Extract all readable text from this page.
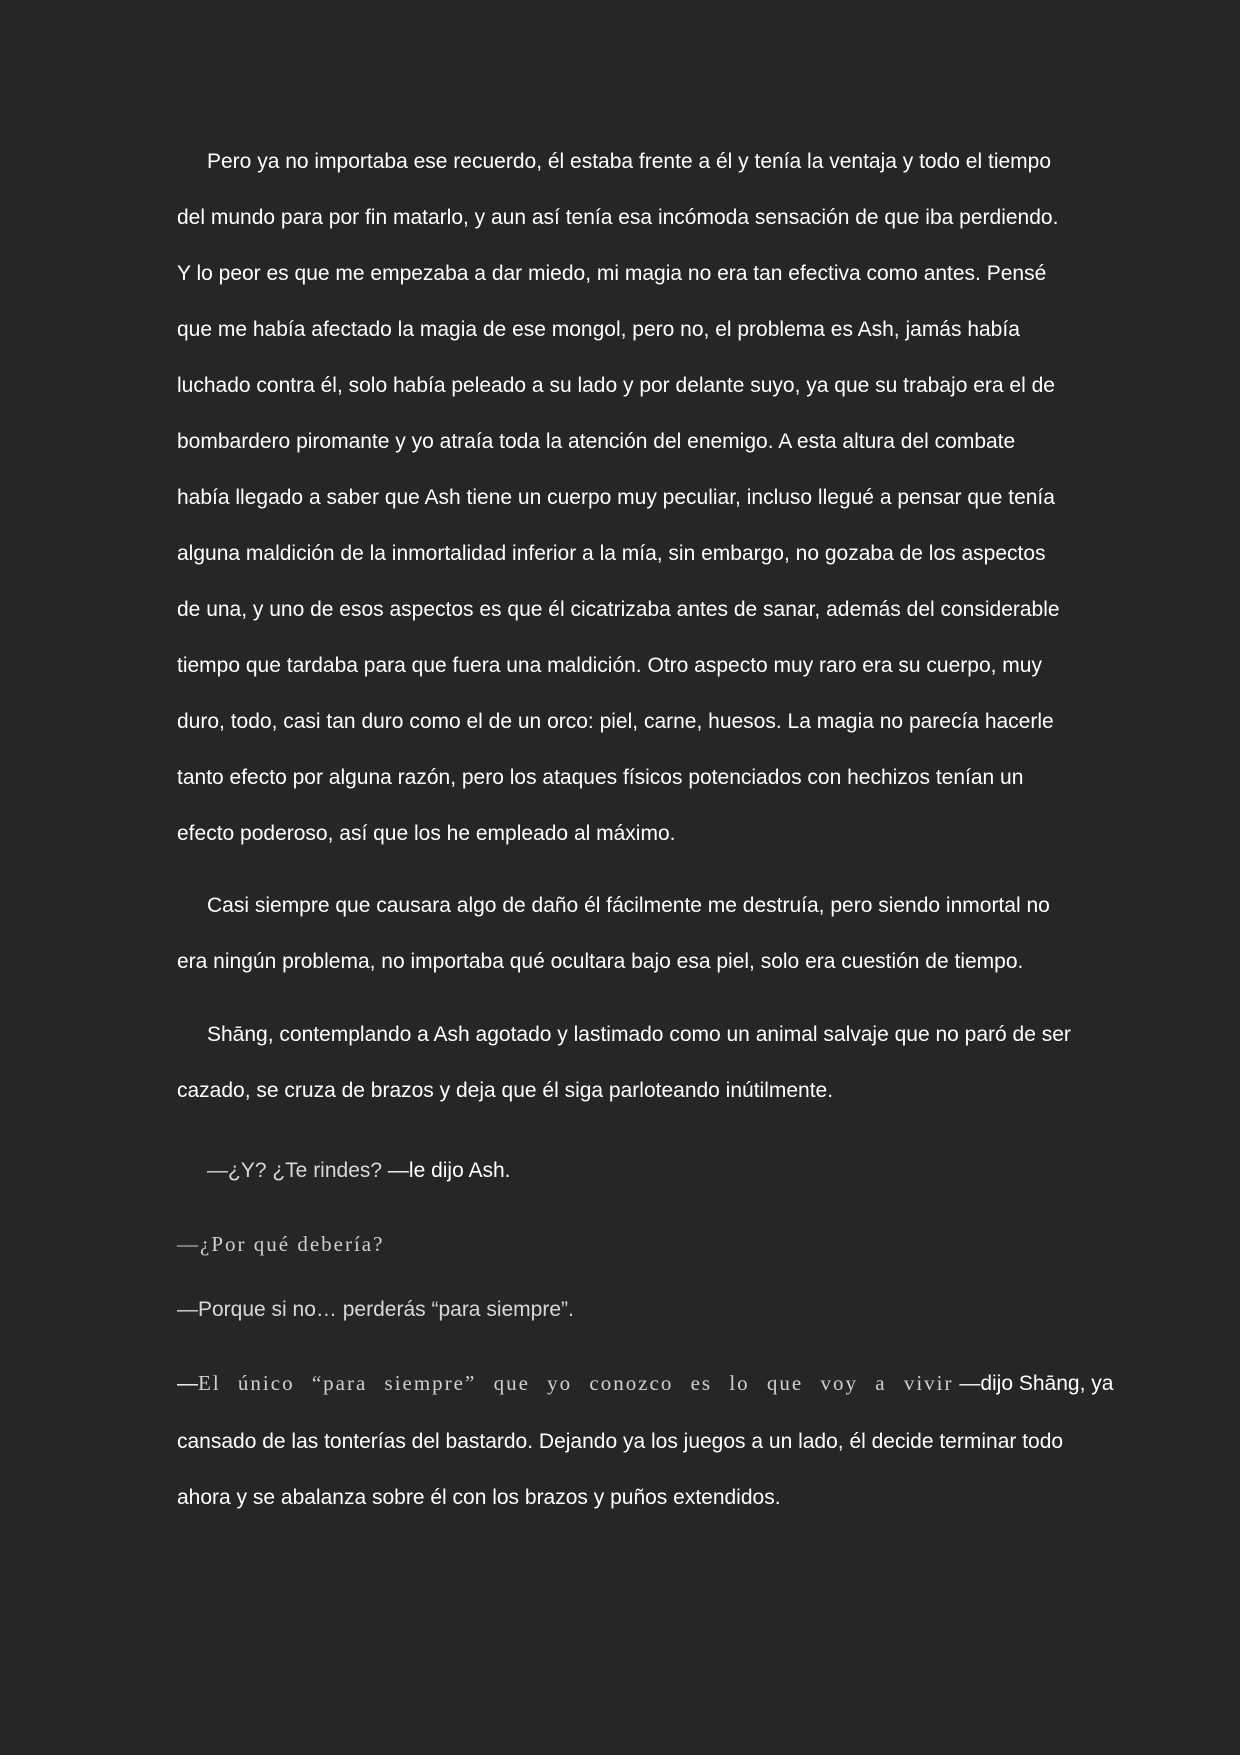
Pero ya no importaba ese recuerdo, él estaba frente a él y tenía la ventaja y todo el tiempo
del mundo para por fin matarlo, y aun así tenía esa incómoda sensación de que iba perdiendo.
Y lo peor es que me empezaba a dar miedo, mi magia no era tan efectiva como antes. Pensé
que me había afectado la magia de ese mongol, pero no, el problema es Ash, jamás había
luchado contra él, solo había peleado a su lado y por delante suyo, ya que su trabajo era el de
bombardero piromante y yo atraía toda la atención del enemigo. A esta altura del combate
había llegado a saber que Ash tiene un cuerpo muy peculiar, incluso llegué a pensar que tenía
alguna maldición de la inmortalidad inferior a la mía, sin embargo, no gozaba de los aspectos
de una, y uno de esos aspectos es que él cicatrizaba antes de sanar, además del considerable
tiempo que tardaba para que fuera una maldición. Otro aspecto muy raro era su cuerpo, muy
duro, todo, casi tan duro como el de un orco: piel, carne, huesos. La magia no parecía hacerle
tanto efecto por alguna razón, pero los ataques físicos potenciados con hechizos tenían un
efecto poderoso, así que los he empleado al máximo.
Casi siempre que causara algo de daño él fácilmente me destruía, pero siendo inmortal no
era ningún problema, no importaba qué ocultara bajo esa piel, solo era cuestión de tiempo.
Shāng, contemplando a Ash agotado y lastimado como un animal salvaje que no paró de ser
cazado, se cruza de brazos y deja que él siga parloteando inútilmente.
—¿Y? ¿Te rindes? —le dijo Ash.
—¿Por qué debería?
—Porque si no… perderás “para siempre”.
—El único “para siempre” que yo conozco es lo que voy a vivir —dijo Shāng, ya
cansado de las tonterías del bastardo. Dejando ya los juegos a un lado, él decide terminar todo
ahora y se abalanza sobre él con los brazos y puños extendidos.
